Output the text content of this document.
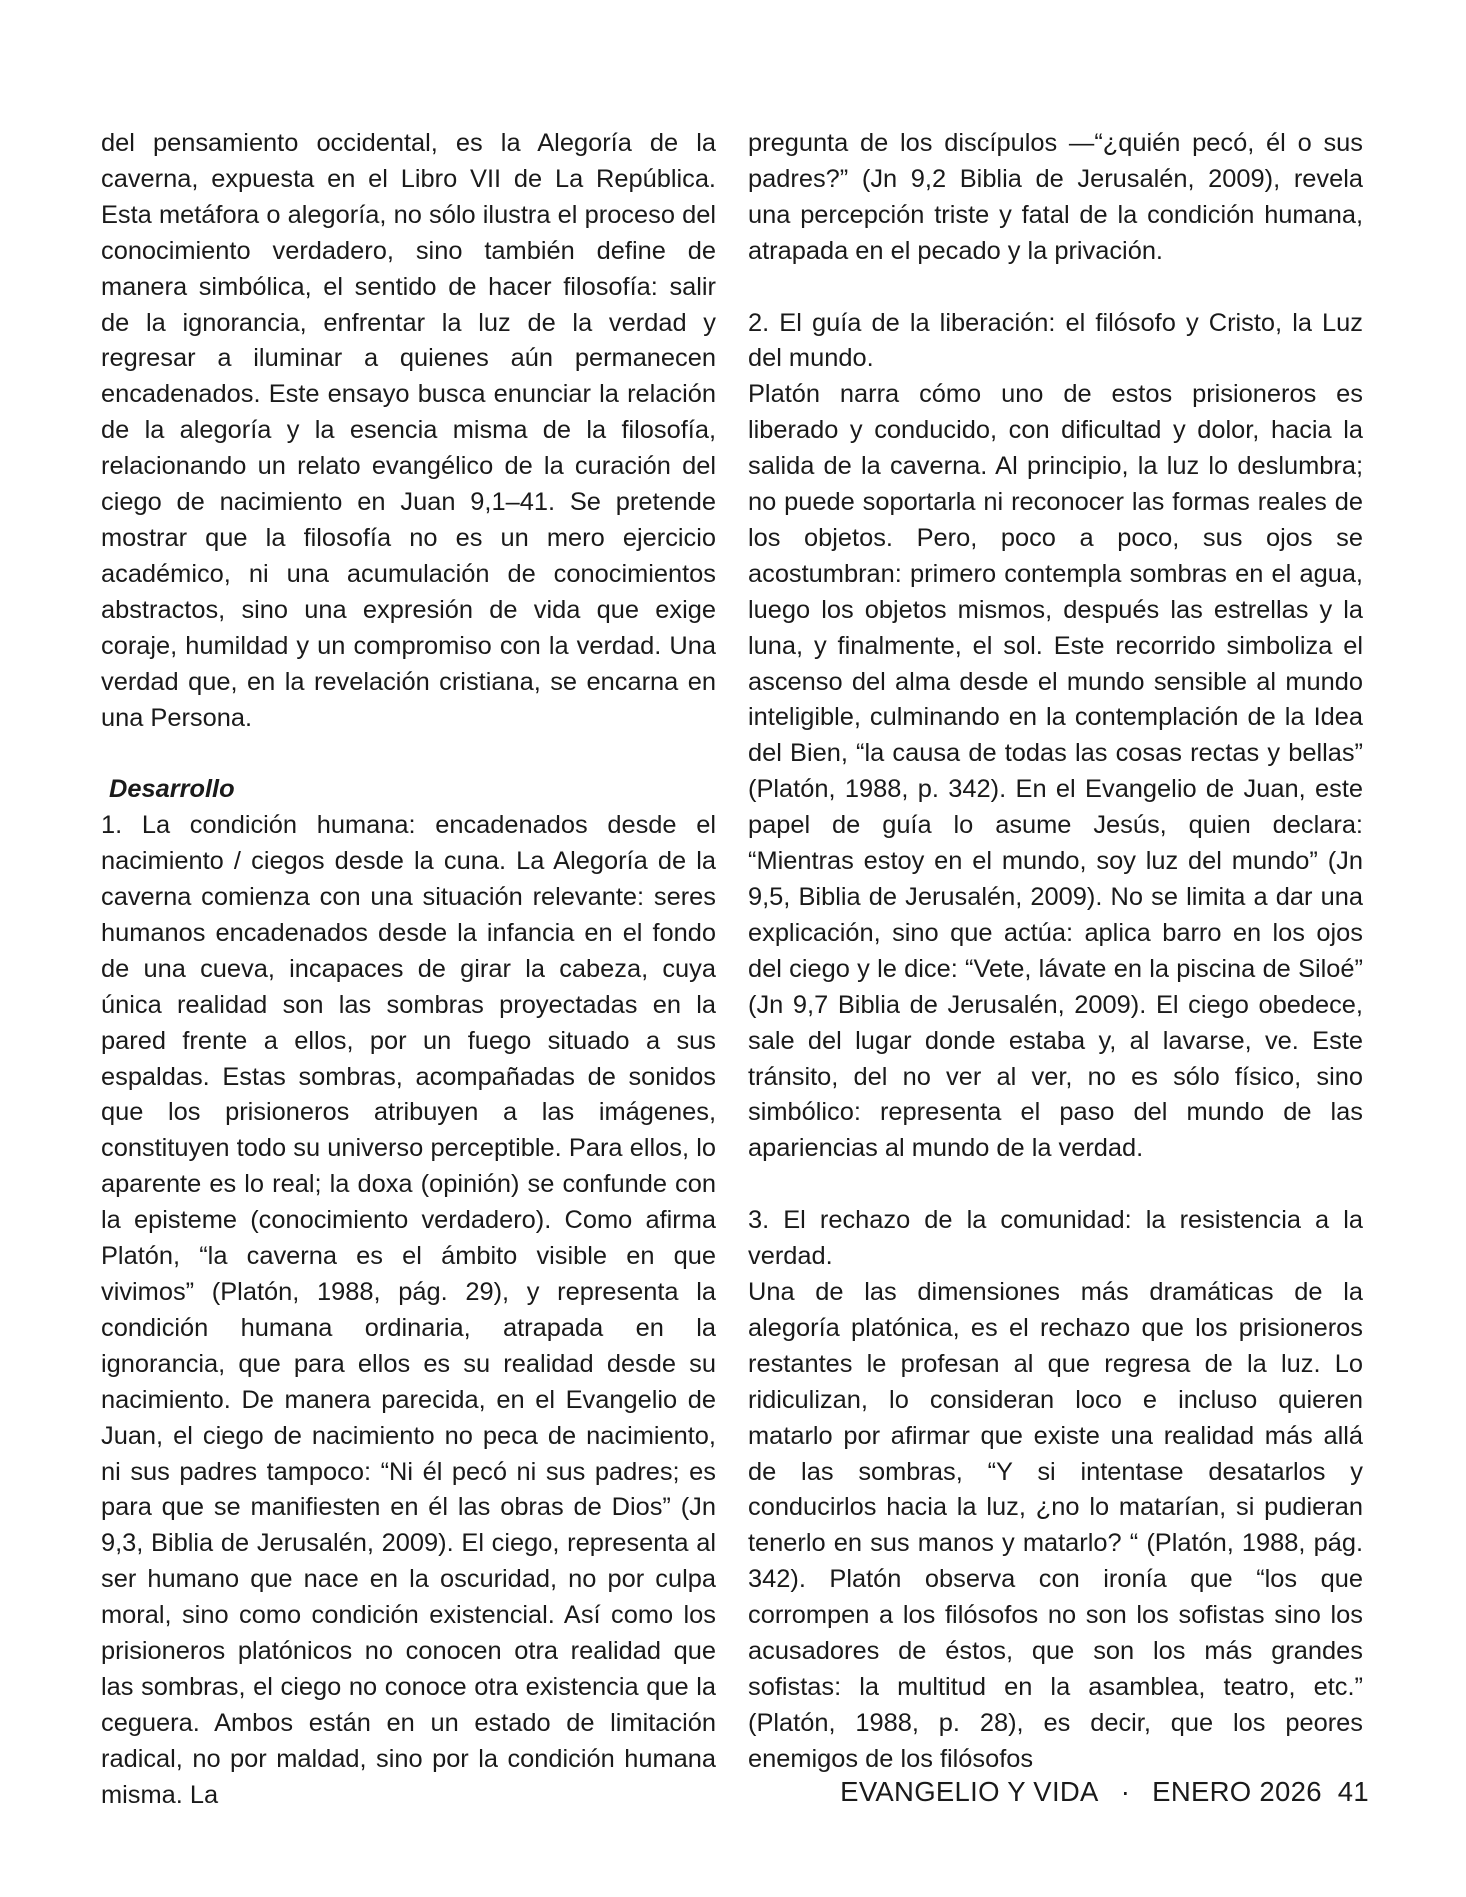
del pensamiento occidental, es la Alegoría de la caverna, expuesta en el Libro VII de La República. Esta metáfora o alegoría, no sólo ilustra el proceso del conocimiento verdadero, sino también define de manera simbólica, el sentido de hacer filosofía: salir de la ignorancia, enfrentar la luz de la verdad y regresar a iluminar a quienes aún permanecen encadenados. Este ensayo busca enunciar la relación de la alegoría y la esencia misma de la filosofía, relacionando un relato evangélico de la curación del ciego de nacimiento en Juan 9,1–41. Se pretende mostrar que la filosofía no es un mero ejercicio académico, ni una acumulación de conocimientos abstractos, sino una expresión de vida que exige coraje, humildad y un compromiso con la verdad. Una verdad que, en la revelación cristiana, se encarna en una Persona.

Desarrollo

1. La condición humana: encadenados desde el nacimiento / ciegos desde la cuna. La Alegoría de la caverna comienza con una situación relevante: seres humanos encadenados desde la infancia en el fondo de una cueva, incapaces de girar la cabeza, cuya única realidad son las sombras proyectadas en la pared frente a ellos, por un fuego situado a sus espaldas. Estas sombras, acompañadas de sonidos que los prisioneros atribuyen a las imágenes, constituyen todo su universo perceptible. Para ellos, lo aparente es lo real; la doxa (opinión) se confunde con la episteme (conocimiento verdadero). Como afirma Platón, “la caverna es el ámbito visible en que vivimos” (Platón, 1988, pág. 29), y representa la condición humana ordinaria, atrapada en la ignorancia, que para ellos es su realidad desde su nacimiento. De manera parecida, en el Evangelio de Juan, el ciego de nacimiento no peca de nacimiento, ni sus padres tampoco: “Ni él pecó ni sus padres; es para que se manifiesten en él las obras de Dios” (Jn 9,3, Biblia de Jerusalén, 2009). El ciego, representa al ser humano que nace en la oscuridad, no por culpa moral, sino como condición existencial. Así como los prisioneros platónicos no conocen otra realidad que las sombras, el ciego no conoce otra existencia que la ceguera. Ambos están en un estado de limitación radical, no por maldad, sino por la condición humana misma. La

pregunta de los discípulos —“¿quién pecó, él o sus padres?” (Jn 9,2 Biblia de Jerusalén, 2009), revela una percepción triste y fatal de la condición humana, atrapada en el pecado y la privación.

2. El guía de la liberación: el filósofo y Cristo, la Luz del mundo.

Platón narra cómo uno de estos prisioneros es liberado y conducido, con dificultad y dolor, hacia la salida de la caverna. Al principio, la luz lo deslumbra; no puede soportarla ni reconocer las formas reales de los objetos. Pero, poco a poco, sus ojos se acostumbran: primero contempla sombras en el agua, luego los objetos mismos, después las estrellas y la luna, y finalmente, el sol. Este recorrido simboliza el ascenso del alma desde el mundo sensible al mundo inteligible, culminando en la contemplación de la Idea del Bien, “la causa de todas las cosas rectas y bellas” (Platón, 1988, p. 342). En el Evangelio de Juan, este papel de guía lo asume Jesús, quien declara: “Mientras estoy en el mundo, soy luz del mundo” (Jn 9,5, Biblia de Jerusalén, 2009). No se limita a dar una explicación, sino que actúa: aplica barro en los ojos del ciego y le dice: “Vete, lávate en la piscina de Siloé” (Jn 9,7 Biblia de Jerusalén, 2009). El ciego obedece, sale del lugar donde estaba y, al lavarse, ve. Este tránsito, del no ver al ver, no es sólo físico, sino simbólico: representa el paso del mundo de las apariencias al mundo de la verdad.

3. El rechazo de la comunidad: la resistencia a la verdad.

Una de las dimensiones más dramáticas de la alegoría platónica, es el rechazo que los prisioneros restantes le profesan al que regresa de la luz. Lo ridiculizan, lo consideran loco e incluso quieren matarlo por afirmar que existe una realidad más allá de las sombras, “Y si intentase desatarlos y conducirlos hacia la luz, ¿no lo matarían, si pudieran tenerlo en sus manos y matarlo? “ (Platón, 1988, pág. 342). Platón observa con ironía que “los que corrompen a los filósofos no son los sofistas sino los acusadores de éstos, que son los más grandes sofistas: la multitud en la asamblea, teatro, etc.” (Platón, 1988, p. 28), es decir, que los peores enemigos de los filósofos

EVANGELIO Y VIDA · ENERO 2026 41
